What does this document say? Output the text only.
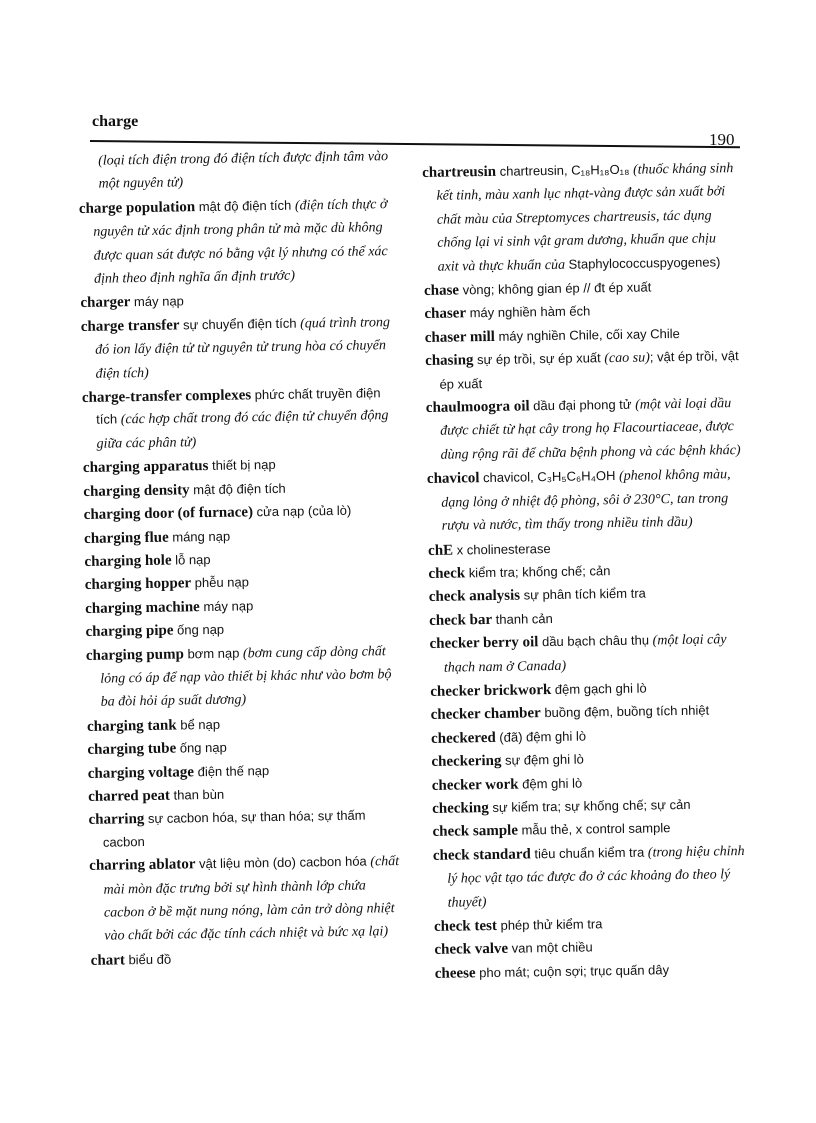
charge
190

(loại tích điện trong đó điện tích được định tâm vào một nguyên tử)

charge population mật độ điện tích (điện tích thực ở nguyên tử xác định trong phân tử mà mặc dù không được quan sát được nó bằng vật lý nhưng có thể xác định theo định nghĩa ấn định trước)

charger máy nạp

charge transfer sự chuyển điện tích (quá trình trong đó ion lấy điện tử từ nguyên tử trung hòa có chuyển điện tích)

charge-transfer complexes phức chất truyền điện tích (các hợp chất trong đó các điện tử chuyển động giữa các phân tử)

charging apparatus thiết bị nạp

charging density mật độ điện tích

charging door (of furnace) cửa nạp (của lò)

charging flue máng nạp

charging hole lỗ nạp

charging hopper phễu nạp

charging machine máy nạp

charging pipe ống nạp

charging pump bơm nạp (bơm cung cấp dòng chất lỏng có áp để nạp vào thiết bị khác như vào bơm bộ ba đòi hỏi áp suất dương)

charging tank bể nạp

charging tube ống nạp

charging voltage điện thế nạp

charred peat than bùn

charring sự cacbon hóa, sự than hóa; sự thấm cacbon

charring ablator vật liệu mòn (do) cacbon hóa (chất mài mòn đặc trưng bởi sự hình thành lớp chứa cacbon ở bề mặt nung nóng, làm cản trở dòng nhiệt vào chất bởi các đặc tính cách nhiệt và bức xạ lại)

chart biểu đồ

chartreusin chartreusin, C₁₈H₁₈O₁₈ (thuốc kháng sinh kết tinh, màu xanh lục nhạt-vàng được sản xuất bởi chất màu của Streptomyces chartreusis, tác dụng chống lại vi sinh vật gram dương, khuẩn que chịu axit và thực khuẩn của Staphylococcuspyogenes)

chase vòng; không gian ép // đt ép xuất

chaser máy nghiền hàm ếch

chaser mill máy nghiền Chile, cối xay Chile

chasing sự ép trồi, sự ép xuất (cao su); vật ép trồi, vật ép xuất

chaulmoogra oil dầu đại phong tử (một vài loại dầu được chiết từ hạt cây trong họ Flacourtiaceae, được dùng rộng rãi để chữa bệnh phong và các bệnh khác)

chavicol chavicol, C₃H₅C₆H₄OH (phenol không màu, dạng lỏng ở nhiệt độ phòng, sôi ở 230°C, tan trong rượu và nước, tìm thấy trong nhiều tinh dầu)

chE x cholinesterase

check kiểm tra; khống chế; cản

check analysis sự phân tích kiểm tra

check bar thanh cản

checker berry oil dầu bạch châu thụ (một loại cây thạch nam ở Canada)

checker brickwork đệm gạch ghi lò

checker chamber buồng đệm, buồng tích nhiệt

checkered (đã) đệm ghi lò

checkering sự đệm ghi lò

checker work đệm ghi lò

checking sự kiểm tra; sự khống chế; sự cản

check sample mẫu thẻ, x control sample

check standard tiêu chuẩn kiểm tra (trong hiệu chỉnh lý học vật tạo tác được đo ở các khoảng đo theo lý thuyết)

check test phép thử kiểm tra

check valve van một chiều

cheese pho mát; cuộn sợi; trục quấn dây
